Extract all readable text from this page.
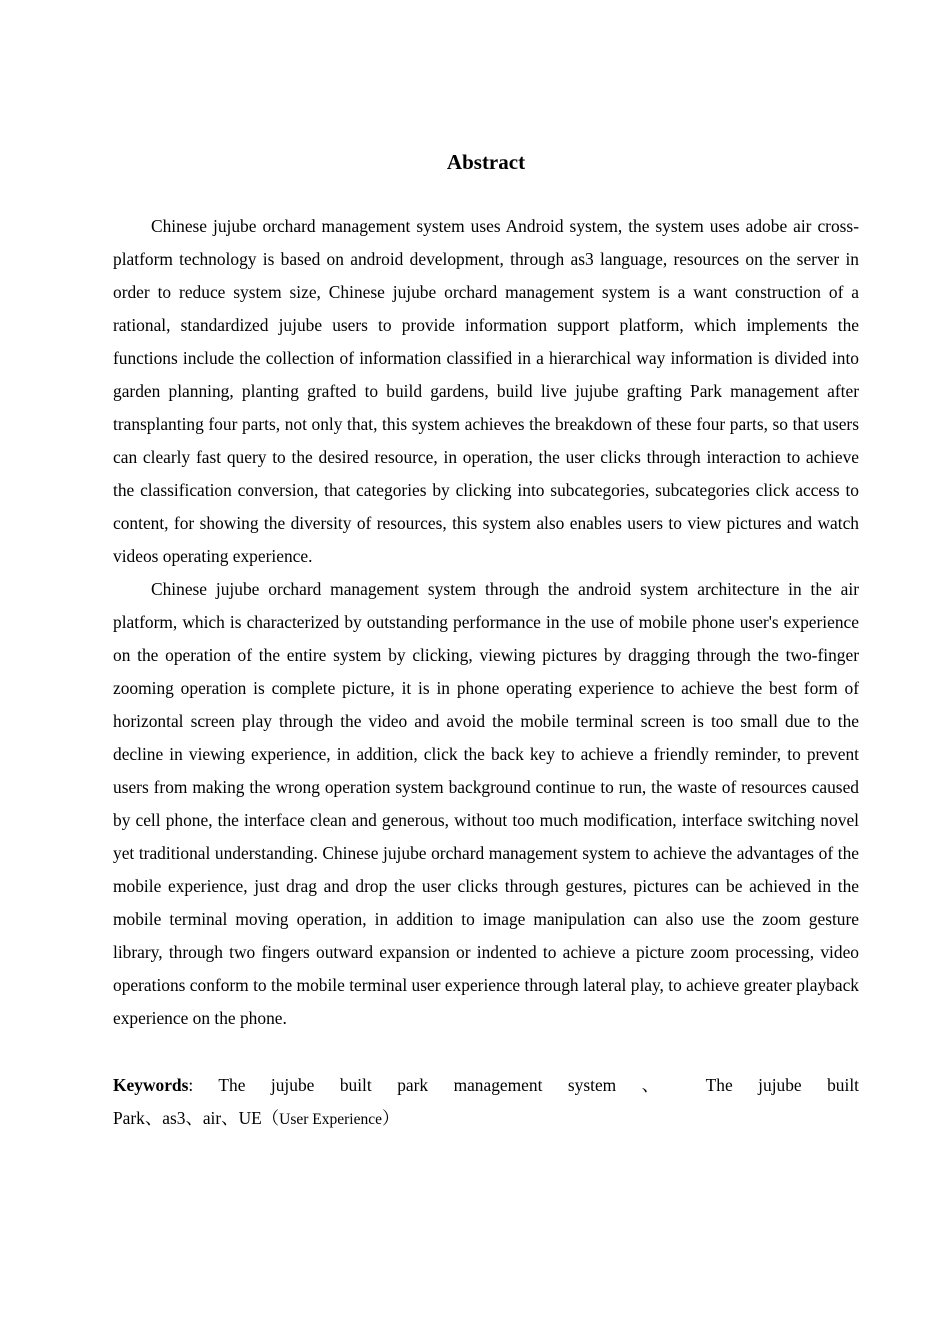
Abstract

Chinese jujube orchard management system uses Android system, the system uses adobe air cross-platform technology is based on android development, through as3 language, resources on the server in order to reduce system size, Chinese jujube orchard management system is a want construction of a rational, standardized jujube users to provide information support platform, which implements the functions include the collection of information classified in a hierarchical way information is divided into garden planning, planting grafted to build gardens, build live jujube grafting Park management after transplanting four parts, not only that, this system achieves the breakdown of these four parts, so that users can clearly fast query to the desired resource, in operation, the user clicks through interaction to achieve the classification conversion, that categories by clicking into subcategories, subcategories click access to content, for showing the diversity of resources, this system also enables users to view pictures and watch videos operating experience.

Chinese jujube orchard management system through the android system architecture in the air platform, which is characterized by outstanding performance in the use of mobile phone user's experience on the operation of the entire system by clicking, viewing pictures by dragging through the two-finger zooming operation is complete picture, it is in phone operating experience to achieve the best form of horizontal screen play through the video and avoid the mobile terminal screen is too small due to the decline in viewing experience, in addition, click the back key to achieve a friendly reminder, to prevent users from making the wrong operation system background continue to run, the waste of resources caused by cell phone, the interface clean and generous, without too much modification, interface switching novel yet traditional understanding. Chinese jujube orchard management system to achieve the advantages of the mobile experience, just drag and drop the user clicks through gestures, pictures can be achieved in the mobile terminal moving operation, in addition to image manipulation can also use the zoom gesture library, through two fingers outward expansion or indented to achieve a picture zoom processing, video operations conform to the mobile terminal user experience through lateral play, to achieve greater playback experience on the phone.

Keywords: The jujube built park management system 、 The jujube built

Park、as3、air、UE（User Experience）
